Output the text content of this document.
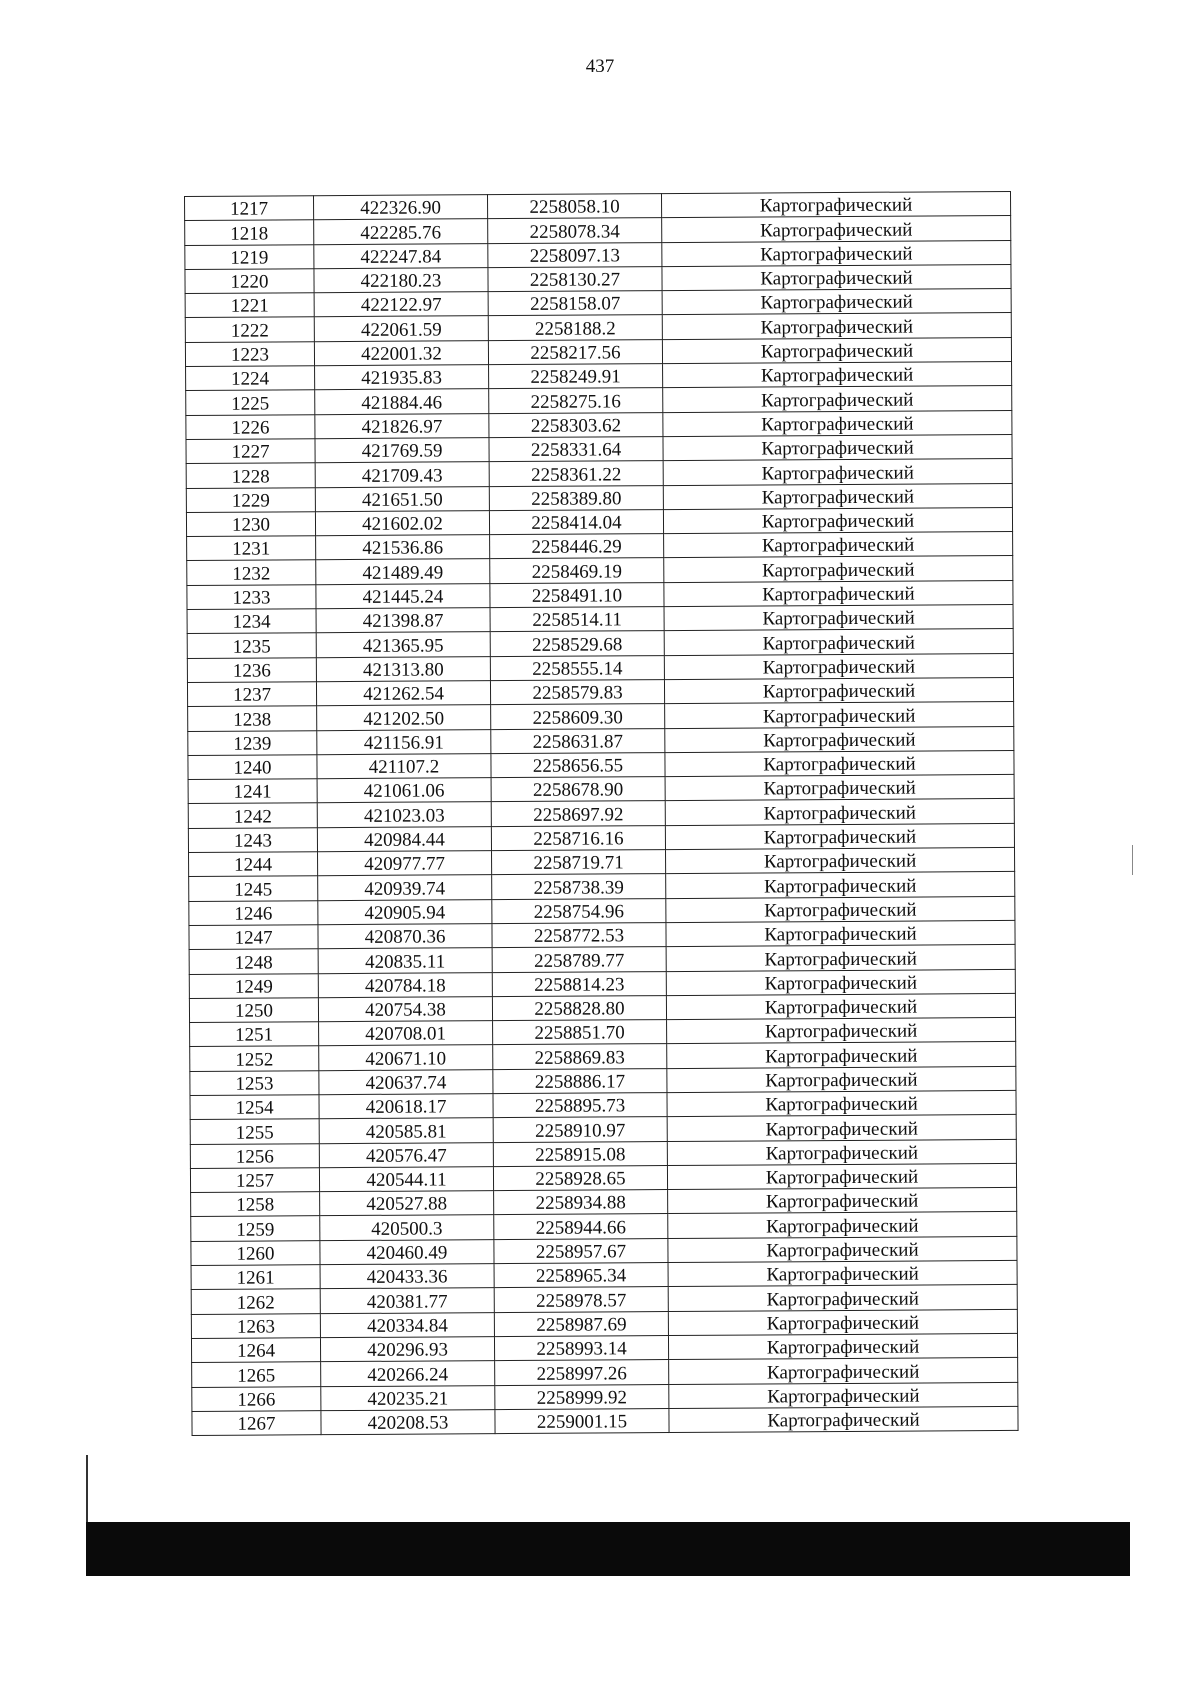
437
1217	422326.90	2258058.10	Картографический
1218	422285.76	2258078.34	Картографический
1219	422247.84	2258097.13	Картографический
1220	422180.23	2258130.27	Картографический
1221	422122.97	2258158.07	Картографический
1222	422061.59	2258188.2	Картографический
1223	422001.32	2258217.56	Картографический
1224	421935.83	2258249.91	Картографический
1225	421884.46	2258275.16	Картографический
1226	421826.97	2258303.62	Картографический
1227	421769.59	2258331.64	Картографический
1228	421709.43	2258361.22	Картографический
1229	421651.50	2258389.80	Картографический
1230	421602.02	2258414.04	Картографический
1231	421536.86	2258446.29	Картографический
1232	421489.49	2258469.19	Картографический
1233	421445.24	2258491.10	Картографический
1234	421398.87	2258514.11	Картографический
1235	421365.95	2258529.68	Картографический
1236	421313.80	2258555.14	Картографический
1237	421262.54	2258579.83	Картографический
1238	421202.50	2258609.30	Картографический
1239	421156.91	2258631.87	Картографический
1240	421107.2	2258656.55	Картографический
1241	421061.06	2258678.90	Картографический
1242	421023.03	2258697.92	Картографический
1243	420984.44	2258716.16	Картографический
1244	420977.77	2258719.71	Картографический
1245	420939.74	2258738.39	Картографический
1246	420905.94	2258754.96	Картографический
1247	420870.36	2258772.53	Картографический
1248	420835.11	2258789.77	Картографический
1249	420784.18	2258814.23	Картографический
1250	420754.38	2258828.80	Картографический
1251	420708.01	2258851.70	Картографический
1252	420671.10	2258869.83	Картографический
1253	420637.74	2258886.17	Картографический
1254	420618.17	2258895.73	Картографический
1255	420585.81	2258910.97	Картографический
1256	420576.47	2258915.08	Картографический
1257	420544.11	2258928.65	Картографический
1258	420527.88	2258934.88	Картографический
1259	420500.3	2258944.66	Картографический
1260	420460.49	2258957.67	Картографический
1261	420433.36	2258965.34	Картографический
1262	420381.77	2258978.57	Картографический
1263	420334.84	2258987.69	Картографический
1264	420296.93	2258993.14	Картографический
1265	420266.24	2258997.26	Картографический
1266	420235.21	2258999.92	Картографический
1267	420208.53	2259001.15	Картографический
